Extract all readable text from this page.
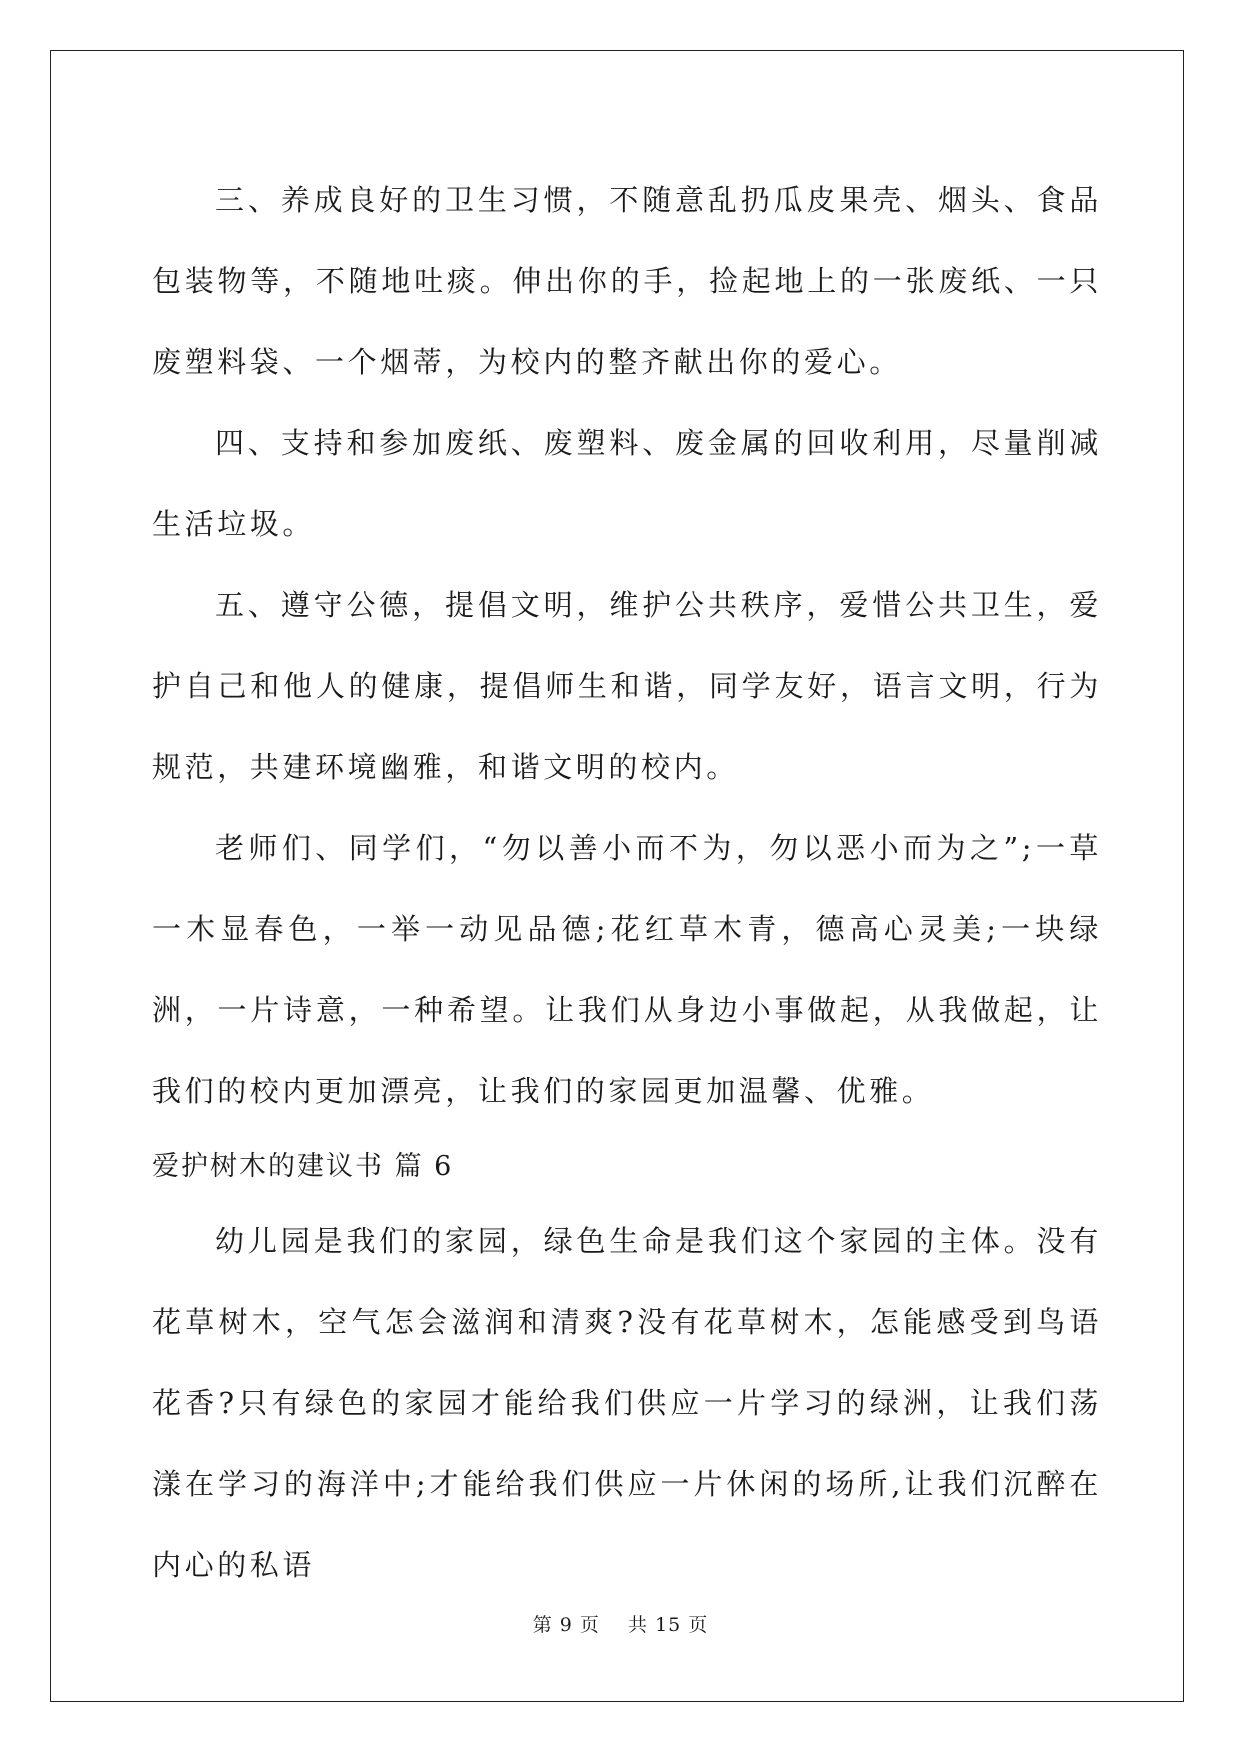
三、养成良好的卫生习惯，不随意乱扔瓜皮果壳、烟头、食品包装物等，不随地吐痰。伸出你的手，捡起地上的一张废纸、一只废塑料袋、一个烟蒂，为校内的整齐献出你的爱心。

四、支持和参加废纸、废塑料、废金属的回收利用，尽量削减生活垃圾。

五、遵守公德，提倡文明，维护公共秩序，爱惜公共卫生，爱护自己和他人的健康，提倡师生和谐，同学友好，语言文明，行为规范，共建环境幽雅，和谐文明的校内。

老师们、同学们，“勿以善小而不为，勿以恶小而为之”;一草一木显春色，一举一动见品德;花红草木青，德高心灵美;一块绿洲，一片诗意，一种希望。让我们从身边小事做起，从我做起，让我们的校内更加漂亮，让我们的家园更加温馨、优雅。

爱护树木的建议书 篇 6

幼儿园是我们的家园，绿色生命是我们这个家园的主体。没有花草树木，空气怎会滋润和清爽?没有花草树木，怎能感受到鸟语花香?只有绿色的家园才能给我们供应一片学习的绿洲，让我们荡漾在学习的海洋中;才能给我们供应一片休闲的场所,让我们沉醉在内心的私语

第 9 页    共 15 页
